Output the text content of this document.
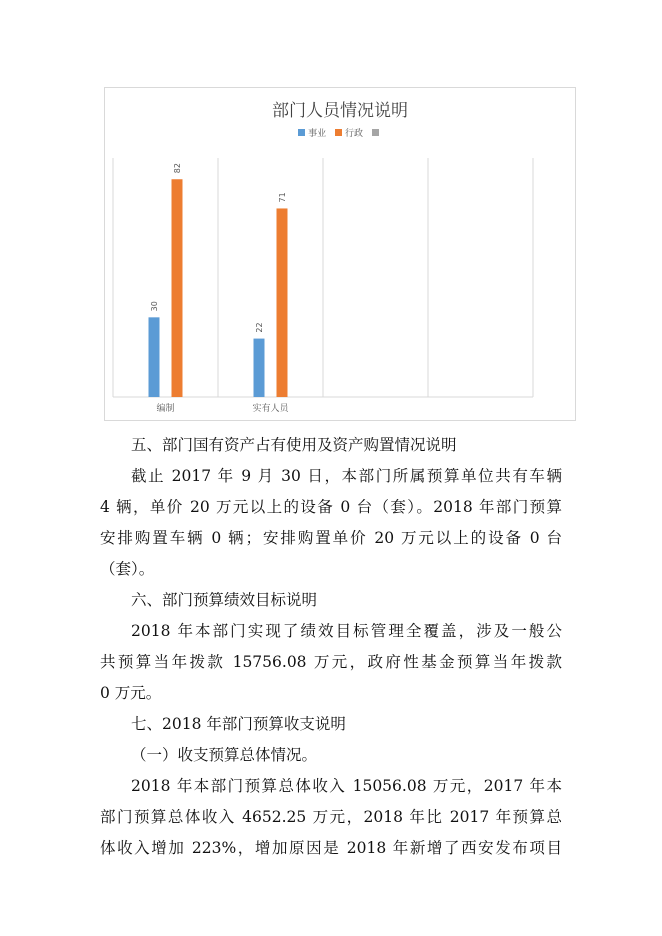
部门人员情况说明
事业
行政

编制	实有人员
30
22
82
71
五、部门国有资产占有使用及资产购置情况说明
截止 2017 年 9 月 30 日，本部门所属预算单位共有车辆
4 辆，单价 20 万元以上的设备 0 台（套）。2018 年部门预算
安排购置车辆 0 辆；安排购置单价 20 万元以上的设备 0 台
（套）。
六、部门预算绩效目标说明
2018 年本部门实现了绩效目标管理全覆盖，涉及一般公
共预算当年拨款 15756.08 万元，政府性基金预算当年拨款
0 万元。
七、2018 年部门预算收支说明
（一）收支预算总体情况。
2018 年本部门预算总体收入 15056.08 万元，2017 年本
部门预算总体收入 4652.25 万元，2018 年比 2017 年预算总
体收入增加 223%，增加原因是 2018 年新增了西安发布项目
